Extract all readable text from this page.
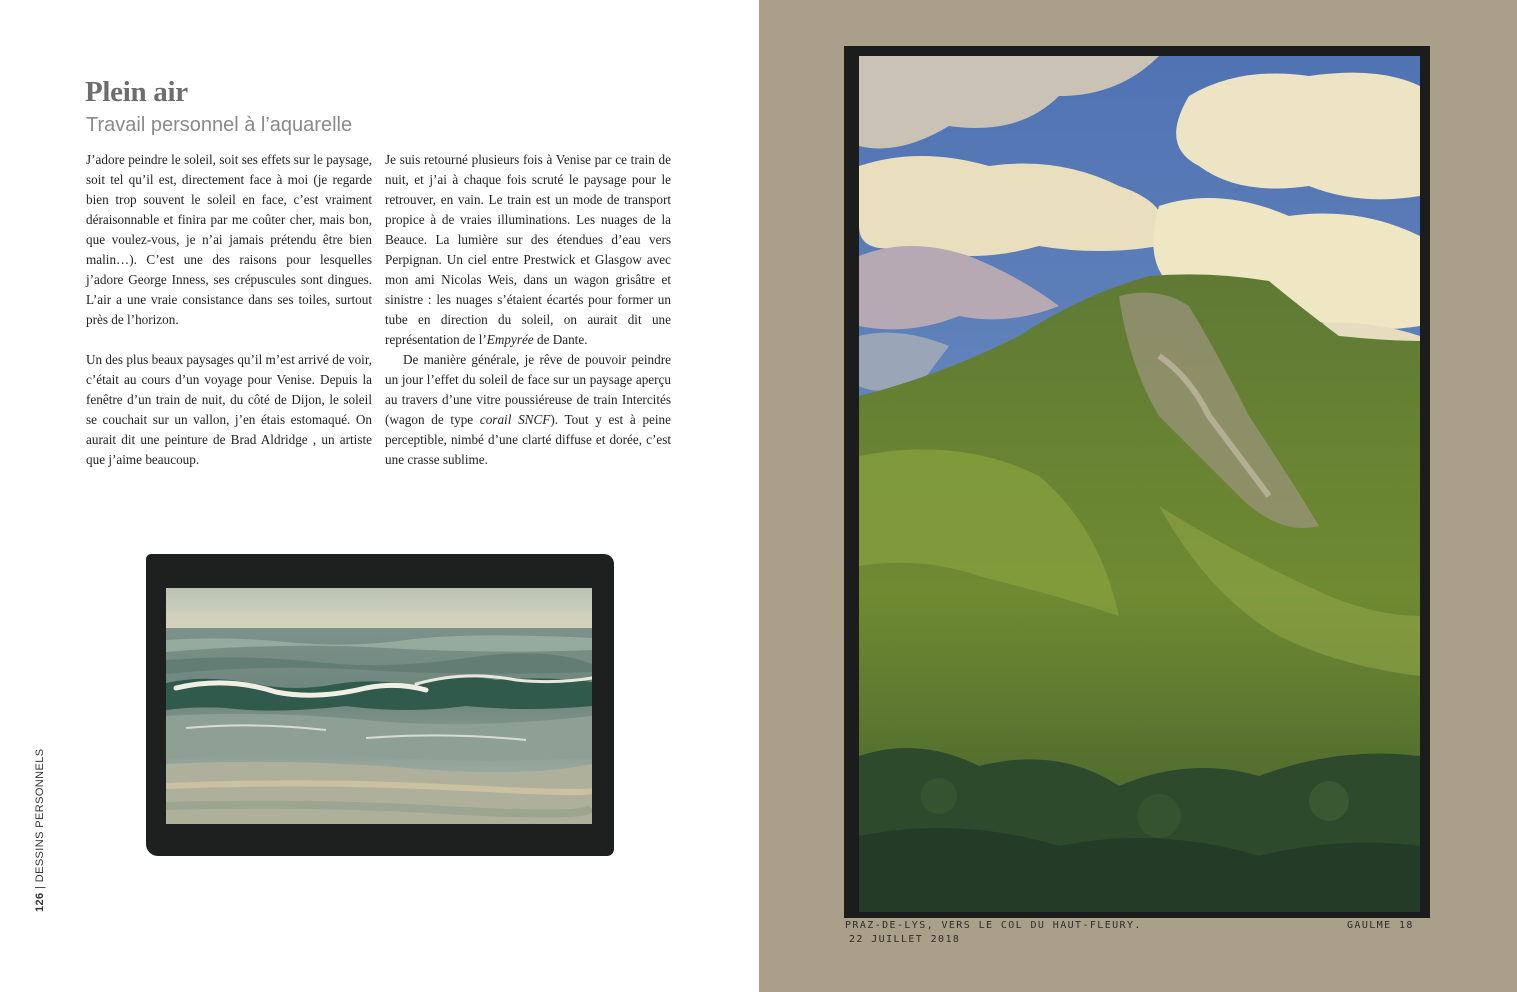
Plein air
Travail personnel à l’aquarelle

J’adore peindre le soleil, soit ses effets sur le paysage, soit tel qu’il est, directement face à moi (je regarde bien trop souvent le soleil en face, c’est vraiment déraisonnable et finira par me coûter cher, mais bon, que voulez-vous, je n’ai jamais prétendu être bien malin…). C’est une des raisons pour lesquelles j’adore George Inness, ses crépuscules sont dingues. L’air a une vraie consistance dans ses toiles, surtout près de l’horizon.

Un des plus beaux paysages qu’il m’est arrivé de voir, c’était au cours d’un voyage pour Venise. Depuis la fenêtre d’un train de nuit, du côté de Dijon, le soleil se couchait sur un vallon, j’en étais estomaqué. On aurait dit une peinture de Brad Aldridge , un artiste que j’aime beaucoup.

Je suis retourné plusieurs fois à Venise par ce train de nuit, et j’ai à chaque fois scruté le paysage pour le retrouver, en vain. Le train est un mode de transport propice à de vraies illuminations. Les nuages de la Beauce. La lumière sur des étendues d’eau vers Perpignan. Un ciel entre Prestwick et Glasgow avec mon ami Nicolas Weis, dans un wagon grisâtre et sinistre : les nuages s’étaient écartés pour former un tube en direction du soleil, on aurait dit une représentation de l’Empyrée de Dante.

De manière générale, je rêve de pouvoir peindre un jour l’effet du soleil de face sur un paysage aperçu au travers d’une vitre poussiéreuse de train Intercités (wagon de type corail SNCF). Tout y est à peine perceptible, nimbé d’une clarté diffuse et dorée, c’est une crasse sublime.

126 | DESSINS PERSONNELS
PRAZ-DE-LYS, VERS LE COL DU HAUT-FLEURY.
22 JUILLET 2018
GAULME 18
